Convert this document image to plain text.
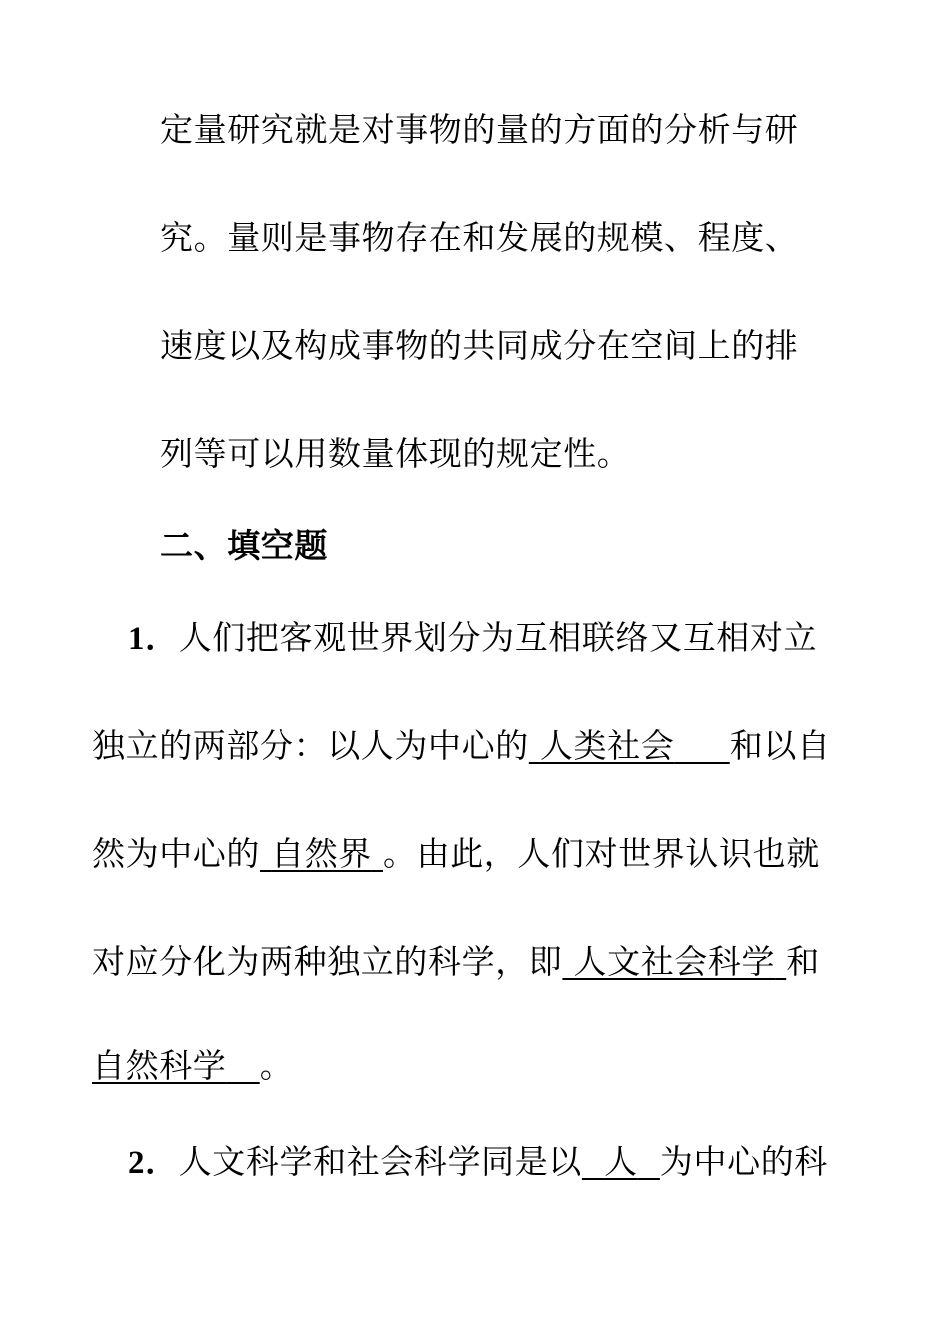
定量研究就是对事物的量的方面的分析与研
究。量则是事物存在和发展的规模、程度、
速度以及构成事物的共同成分在空间上的排
列等可以用数量体现的规定性。
二、填空题
1．人们把客观世界划分为互相联络又互相对立
独立的两部分：以人为中心的 人类社会 和以自
然为中心的 自然界 。由此，人们对世界认识也就
对应分化为两种独立的科学，即 人文社会科学 和
自然科学 。
2．人文科学和社会科学同是以 人 为中心的科
